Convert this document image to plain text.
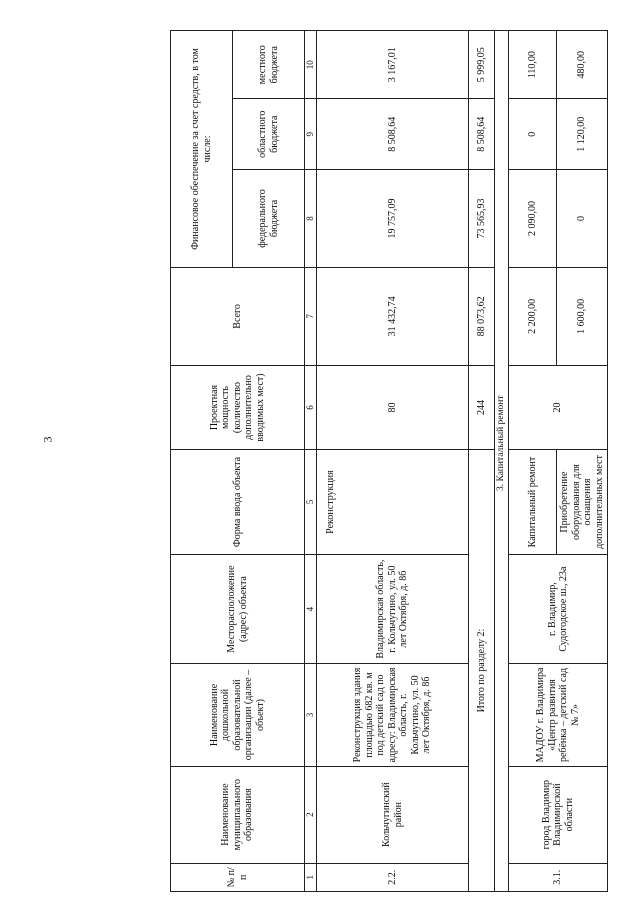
3
№ п/п	Наименование муниципального образования	Наименование дошкольной образовательной организации (далее – объект)	Месторасположение (адрес) объекта	Форма ввода объекта	Проектная мощность (количество дополнительно вводимых мест)	Всего	Финансовое обеспечение за счет средств, в том числе:		
							федерального бюджета	областного бюджета	местного бюджета
1	2	3	4	5	6	7	8	9	10
2.2.	Кольчугинский район	Реконструкция здания площадью 682 кв. м под детский сад по адресу: Владимирская область, г. Кольчугино, ул. 50 лет Октября, д. 8б	Владимирская область, г. Кольчугино, ул. 50 лет Октября, д. 8б	Реконструкция	80	31 432,74	19 757,09	8 508,64	3 167,01
Итого по разделу 2:					244	88 073,62	73 565,93	8 508,64	5 999,05
3. Капитальный ремонт									
3.1.	город Владимир Владимирской области	МАДОУ г. Владимира «Центр развития ребёнка – детский сад № 7»	г. Владимир, Судогодское ш., 23а	Капитальный ремонт	20	2 200,00	2 090,00	0	110,00
				Приобретение оборудования для оснащения дополнительных мест		1 600,00	0	1 120,00	480,00
